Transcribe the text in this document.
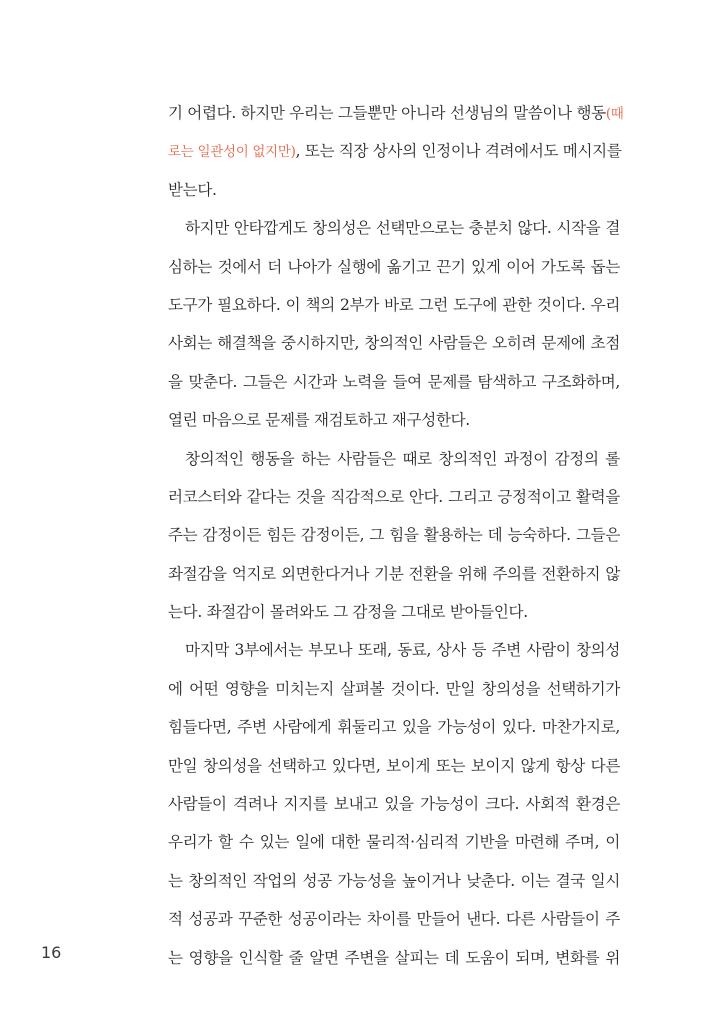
기 어렵다. 하지만 우리는 그들뿐만 아니라 선생님의 말씀이나 행동(때
로는 일관성이 없지만), 또는 직장 상사의 인정이나 격려에서도 메시지를
받는다.
하지만 안타깝게도 창의성은 선택만으로는 충분치 않다. 시작을 결
심하는 것에서 더 나아가 실행에 옮기고 끈기 있게 이어 가도록 돕는
도구가 필요하다. 이 책의 2부가 바로 그런 도구에 관한 것이다. 우리
사회는 해결책을 중시하지만, 창의적인 사람들은 오히려 문제에 초점
을 맞춘다. 그들은 시간과 노력을 들여 문제를 탐색하고 구조화하며,
열린 마음으로 문제를 재검토하고 재구성한다.
창의적인 행동을 하는 사람들은 때로 창의적인 과정이 감정의 롤
러코스터와 같다는 것을 직감적으로 안다. 그리고 긍정적이고 활력을
주는 감정이든 힘든 감정이든, 그 힘을 활용하는 데 능숙하다. 그들은
좌절감을 억지로 외면한다거나 기분 전환을 위해 주의를 전환하지 않
는다. 좌절감이 몰려와도 그 감정을 그대로 받아들인다.
마지막 3부에서는 부모나 또래, 동료, 상사 등 주변 사람이 창의성
에 어떤 영향을 미치는지 살펴볼 것이다. 만일 창의성을 선택하기가
힘들다면, 주변 사람에게 휘둘리고 있을 가능성이 있다. 마찬가지로,
만일 창의성을 선택하고 있다면, 보이게 또는 보이지 않게 항상 다른
사람들이 격려나 지지를 보내고 있을 가능성이 크다. 사회적 환경은
우리가 할 수 있는 일에 대한 물리적·심리적 기반을 마련해 주며, 이
는 창의적인 작업의 성공 가능성을 높이거나 낮춘다. 이는 결국 일시
적 성공과 꾸준한 성공이라는 차이를 만들어 낸다. 다른 사람들이 주
는 영향을 인식할 줄 알면 주변을 살피는 데 도움이 되며, 변화를 위
16
